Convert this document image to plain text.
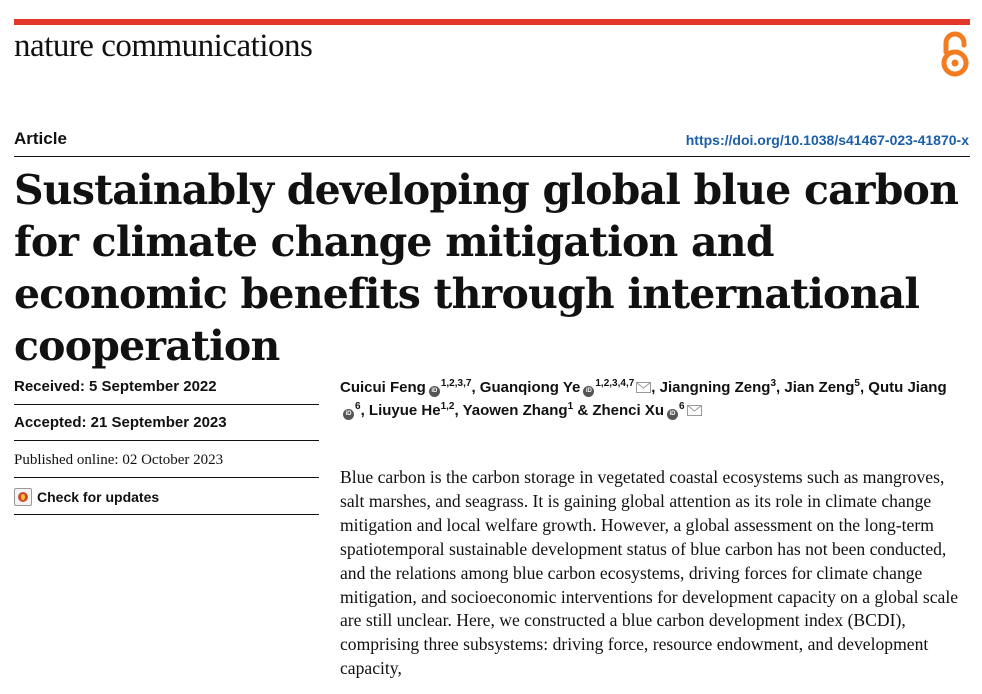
nature communications
Article	https://doi.org/10.1038/s41467-023-41870-x
Sustainably developing global blue carbon for climate change mitigation and economic benefits through international cooperation
Received: 5 September 2022
Accepted: 21 September 2023
Published online: 02 October 2023
Check for updates
Cuicui Feng iD$^{1,2,3,7}$, Guanqiong Ye iD$^{1,2,3,4,7}$ , Jiangning Zeng$^3$, Jian Zeng$^5$, Qutu JiangiD$^6$, Liuyue He$^{1,2}$, Yaowen Zhang$^1$ & Zhenci Xu $iD^6$

Blue carbon is the carbon storage in vegetated coastal ecosystems such as mangroves, salt marshes, and seagrass. It is gaining global attention as its role in climate change mitigation and local welfare growth. However, a global assessment on the long-term spatiotemporal sustainable development status of blue carbon has not been conducted, and the relations among blue carbon ecosystems, driving forces for climate change mitigation, and socioeconomic interventions for development capacity on a global scale are still unclear. Here, we constructed a blue carbon development index (BCDI), comprising three subsystems: driving force, resource endowment, and development capacity,
